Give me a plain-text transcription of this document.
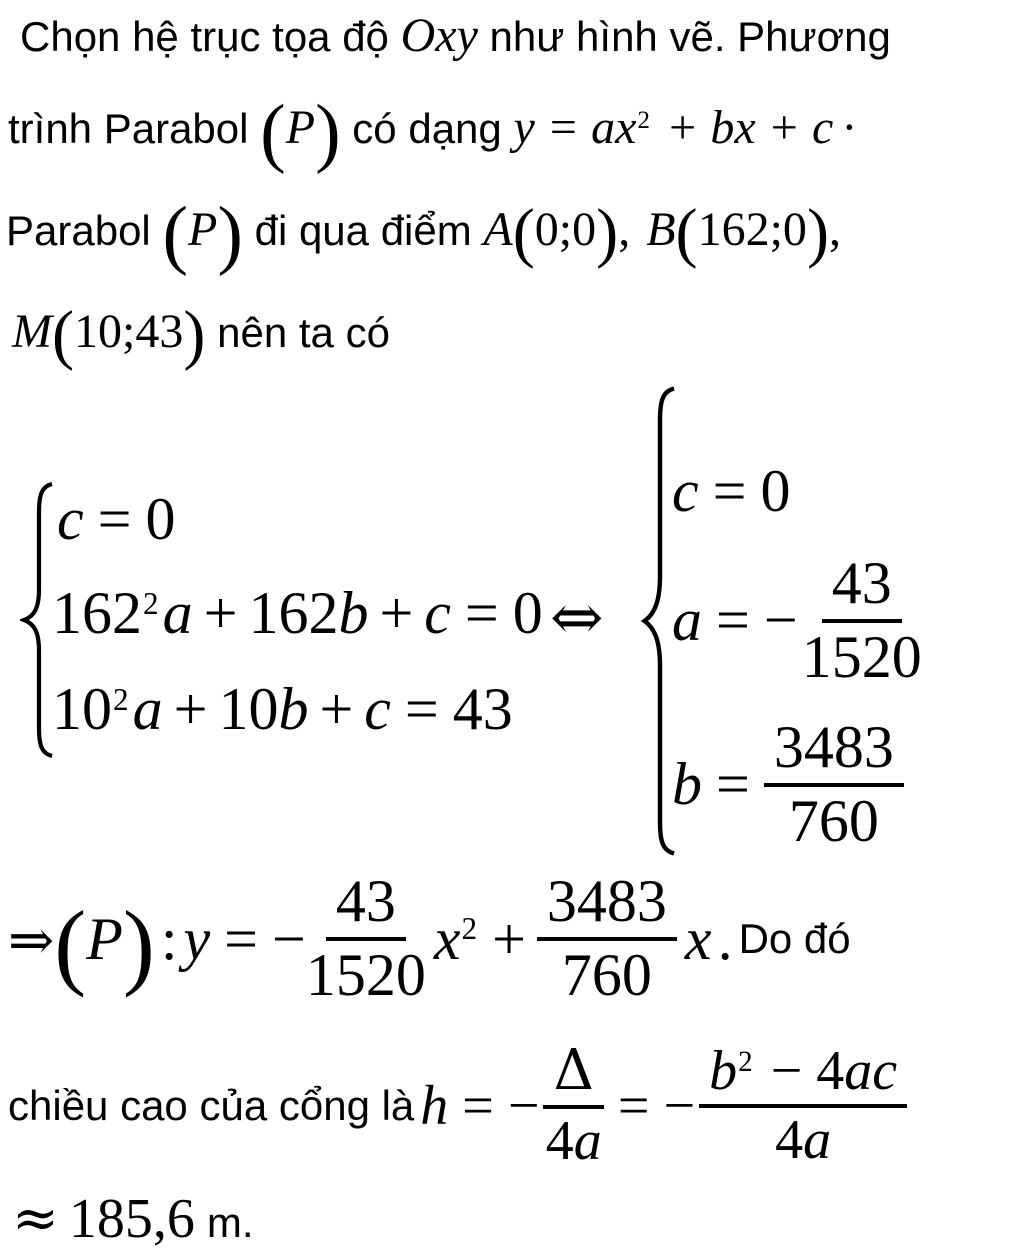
Chọn hệ trục tọa độ Oxy như hình vẽ. Phương
trình Parabol (P) có dạng $y = ax^2$ + bx + c ·
Parabol (P) đi qua điểm A(0;0), B(162;0),
M(10;43) nên ta có
c = 0
$162^2a + 162b + c = 0$
$10^2a + 10b + c = 43$
⇔
c = 0
a = − $\frac{43}{1520}$
$b = \frac{3483}{760}$
⇒(P) : y = − $\frac{43}{1520} x^2 + \frac{3483}{760}$ x . Do đó
chiều cao của cổng là h = − $\frac{\Delta}{4a}$ = − $\frac{b^2 - 4ac}{4a}$
≈ 185,6 m.
